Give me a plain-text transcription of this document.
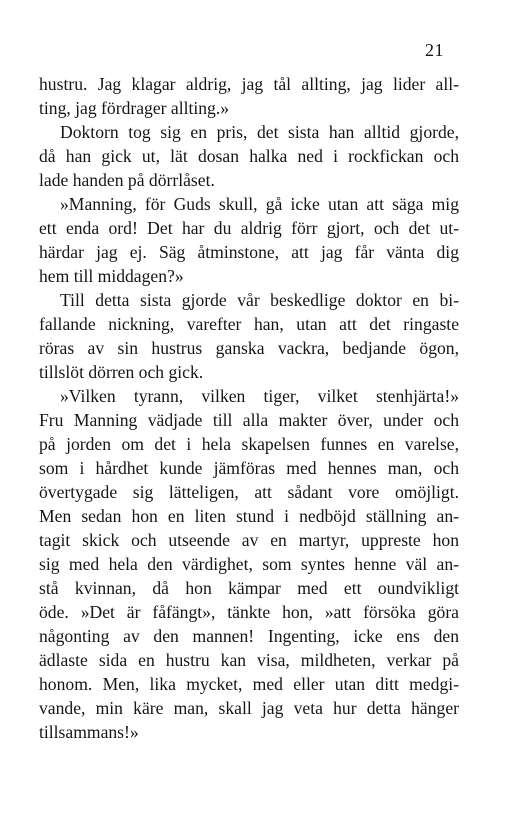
21
hustru. Jag klagar aldrig, jag tål allting, jag lider all-
ting, jag fördrager allting.»
Doktorn tog sig en pris, det sista han alltid gjorde,
då han gick ut, lät dosan halka ned i rockfickan och
lade handen på dörrlåset.
»Manning, för Guds skull, gå icke utan att säga mig
ett enda ord! Det har du aldrig förr gjort, och det ut-
härdar jag ej. Säg åtminstone, att jag får vänta dig
hem till middagen?»
Till detta sista gjorde vår beskedlige doktor en bi-
fallande nickning, varefter han, utan att det ringaste
röras av sin hustrus ganska vackra, bedjande ögon,
tillslöt dörren och gick.
»Vilken tyrann, vilken tiger, vilket stenhjärta!»
Fru Manning vädjade till alla makter över, under och
på jorden om det i hela skapelsen funnes en varelse,
som i hårdhet kunde jämföras med hennes man, och
övertygade sig lätteligen, att sådant vore omöjligt.
Men sedan hon en liten stund i nedböjd ställning an-
tagit skick och utseende av en martyr, uppreste hon
sig med hela den värdighet, som syntes henne väl an-
stå kvinnan, då hon kämpar med ett oundvikligt
öde. »Det är fåfängt», tänkte hon, »att försöka göra
någonting av den mannen! Ingenting, icke ens den
ädlaste sida en hustru kan visa, mildheten, verkar på
honom. Men, lika mycket, med eller utan ditt medgi-
vande, min käre man, skall jag veta hur detta hänger
tillsammans!»
